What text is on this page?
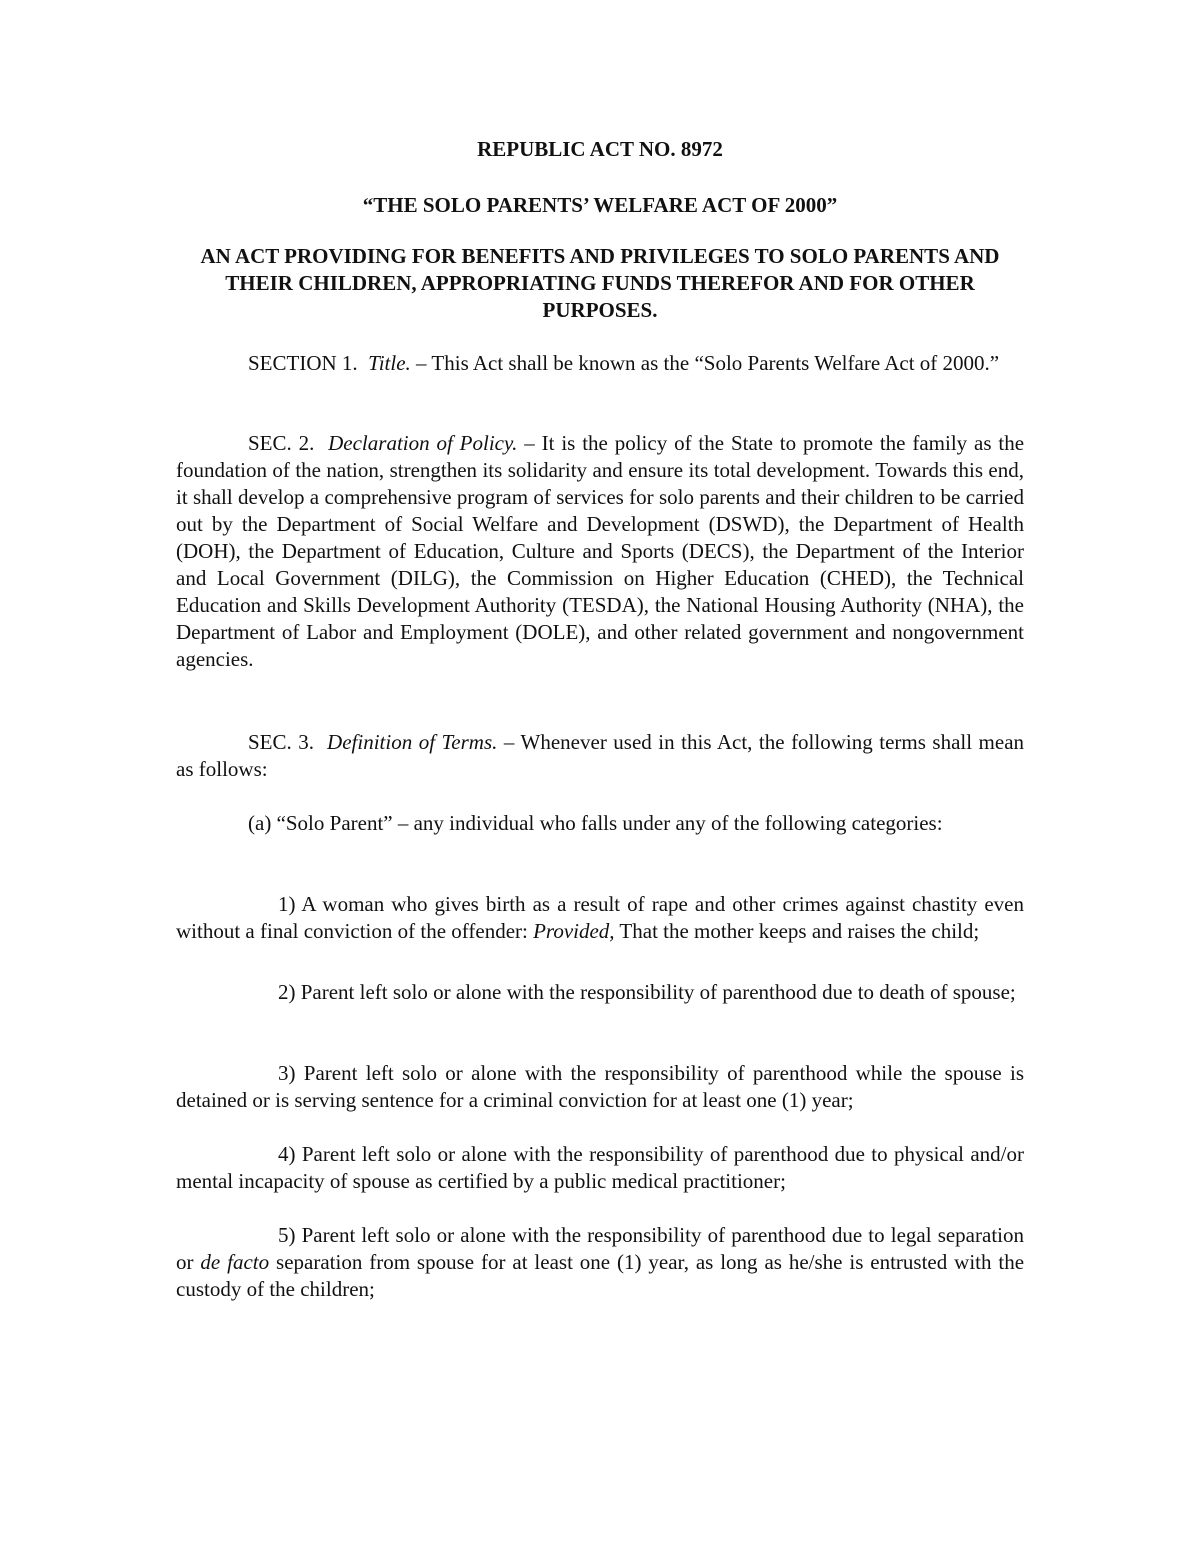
REPUBLIC ACT NO. 8972

“THE SOLO PARENTS’ WELFARE ACT OF 2000”

AN ACT PROVIDING FOR BENEFITS AND PRIVILEGES TO SOLO PARENTS AND THEIR CHILDREN, APPROPRIATING FUNDS THEREFOR AND FOR OTHER PURPOSES.

SECTION 1. Title. – This Act shall be known as the “Solo Parents Welfare Act of 2000.”

SEC. 2. Declaration of Policy. – It is the policy of the State to promote the family as the foundation of the nation, strengthen its solidarity and ensure its total development. Towards this end, it shall develop a comprehensive program of services for solo parents and their children to be carried out by the Department of Social Welfare and Development (DSWD), the Department of Health (DOH), the Department of Education, Culture and Sports (DECS), the Department of the Interior and Local Government (DILG), the Commission on Higher Education (CHED), the Technical Education and Skills Development Authority (TESDA), the National Housing Authority (NHA), the Department of Labor and Employment (DOLE), and other related government and nongovernment agencies.

SEC. 3. Definition of Terms. – Whenever used in this Act, the following terms shall mean as follows:

(a) “Solo Parent” – any individual who falls under any of the following categories:

1) A woman who gives birth as a result of rape and other crimes against chastity even without a final conviction of the offender: Provided, That the mother keeps and raises the child;

2) Parent left solo or alone with the responsibility of parenthood due to death of spouse;

3) Parent left solo or alone with the responsibility of parenthood while the spouse is detained or is serving sentence for a criminal conviction for at least one (1) year;

4) Parent left solo or alone with the responsibility of parenthood due to physical and/or mental incapacity of spouse as certified by a public medical practitioner;

5) Parent left solo or alone with the responsibility of parenthood due to legal separation or de facto separation from spouse for at least one (1) year, as long as he/she is entrusted with the custody of the children;
